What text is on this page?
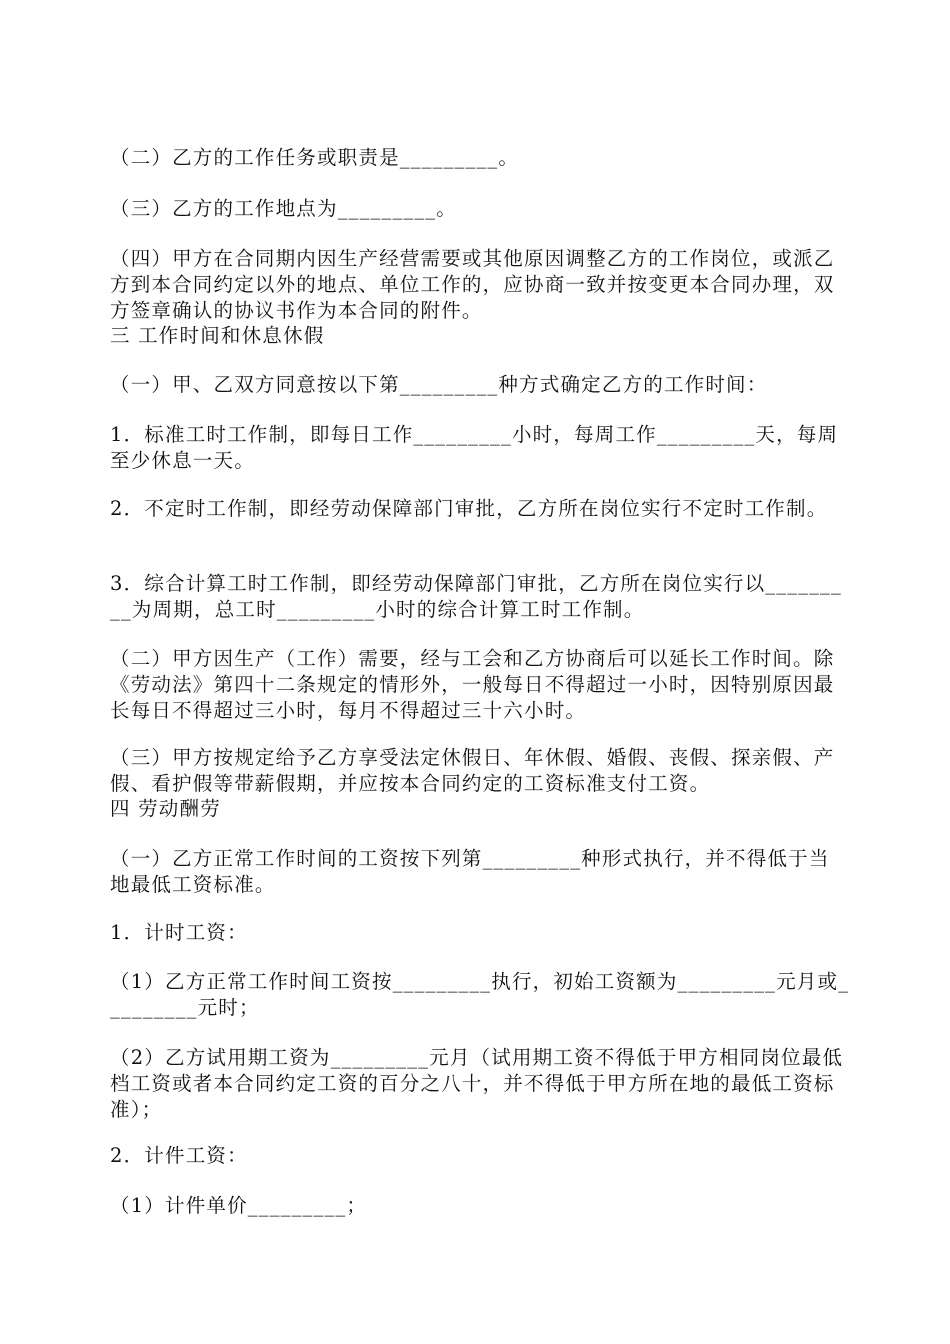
（二）乙方的工作任务或职责是_________。

（三）乙方的工作地点为_________。

（四）甲方在合同期内因生产经营需要或其他原因调整乙方的工作岗位，或派乙方到本合同约定以外的地点、单位工作的，应协商一致并按变更本合同办理，双方签章确认的协议书作为本合同的附件。

三 工作时间和休息休假

（一）甲、乙双方同意按以下第_________种方式确定乙方的工作时间：

1．标准工时工作制，即每日工作_________小时，每周工作_________天，每周至少休息一天。

2．不定时工作制，即经劳动保障部门审批，乙方所在岗位实行不定时工作制。

3．综合计算工时工作制，即经劳动保障部门审批，乙方所在岗位实行以_________为周期，总工时_________小时的综合计算工时工作制。

（二）甲方因生产（工作）需要，经与工会和乙方协商后可以延长工作时间。除《劳动法》第四十二条规定的情形外，一般每日不得超过一小时，因特别原因最长每日不得超过三小时，每月不得超过三十六小时。

（三）甲方按规定给予乙方享受法定休假日、年休假、婚假、丧假、探亲假、产假、看护假等带薪假期，并应按本合同约定的工资标准支付工资。

四 劳动酬劳

（一）乙方正常工作时间的工资按下列第_________种形式执行，并不得低于当地最低工资标准。

1．计时工资：

（1）乙方正常工作时间工资按_________执行，初始工资额为_________元月或_________元时；

（2）乙方试用期工资为_________元月（试用期工资不得低于甲方相同岗位最低档工资或者本合同约定工资的百分之八十，并不得低于甲方所在地的最低工资标准）；

2．计件工资：

（1）计件单价_________；
